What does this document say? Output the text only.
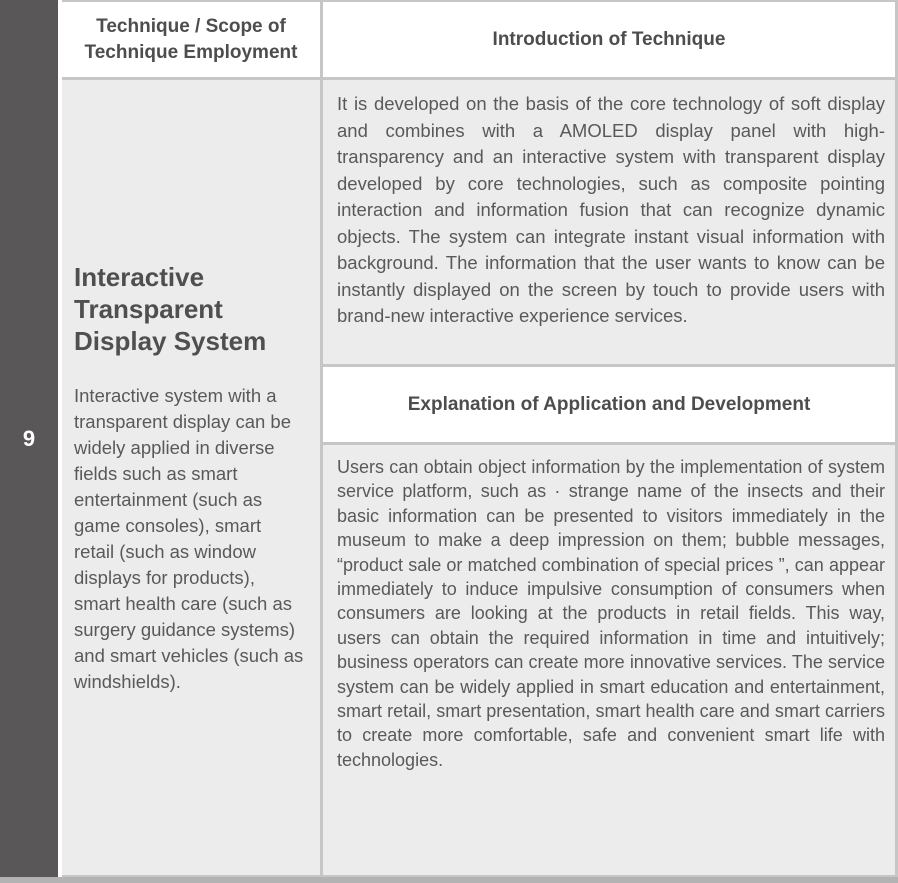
9
Technique / Scope of Technique Employment
Interactive Transparent Display System
Interactive system with a transparent display can be widely applied in diverse fields such as smart entertainment (such as game consoles), smart retail (such as window displays for products), smart health care (such as surgery guidance systems) and smart vehicles (such as windshields).
Introduction of Technique
It is developed on the basis of the core technology of soft display and combines with a AMOLED display panel with high-transparency and an interactive system with transparent display developed by core technologies, such as composite pointing interaction and information fusion that can recognize dynamic objects. The system can integrate instant visual information with background. The information that the user wants to know can be instantly displayed on the screen by touch to provide users with brand-new interactive experience services.
Explanation of Application and Development
Users can obtain object information by the implementation of system service platform, such as · strange name of the insects and their basic information can be presented to visitors immediately in the museum to make a deep impression on them; bubble messages, “product sale or matched combination of special prices ”, can appear immediately to induce impulsive consumption of consumers when consumers are looking at the products in retail fields. This way, users can obtain the required information in time and intuitively; business operators can create more innovative services. The service system can be widely applied in smart education and entertainment, smart retail, smart presentation, smart health care and smart carriers to create more comfortable, safe and convenient smart life with technologies.
